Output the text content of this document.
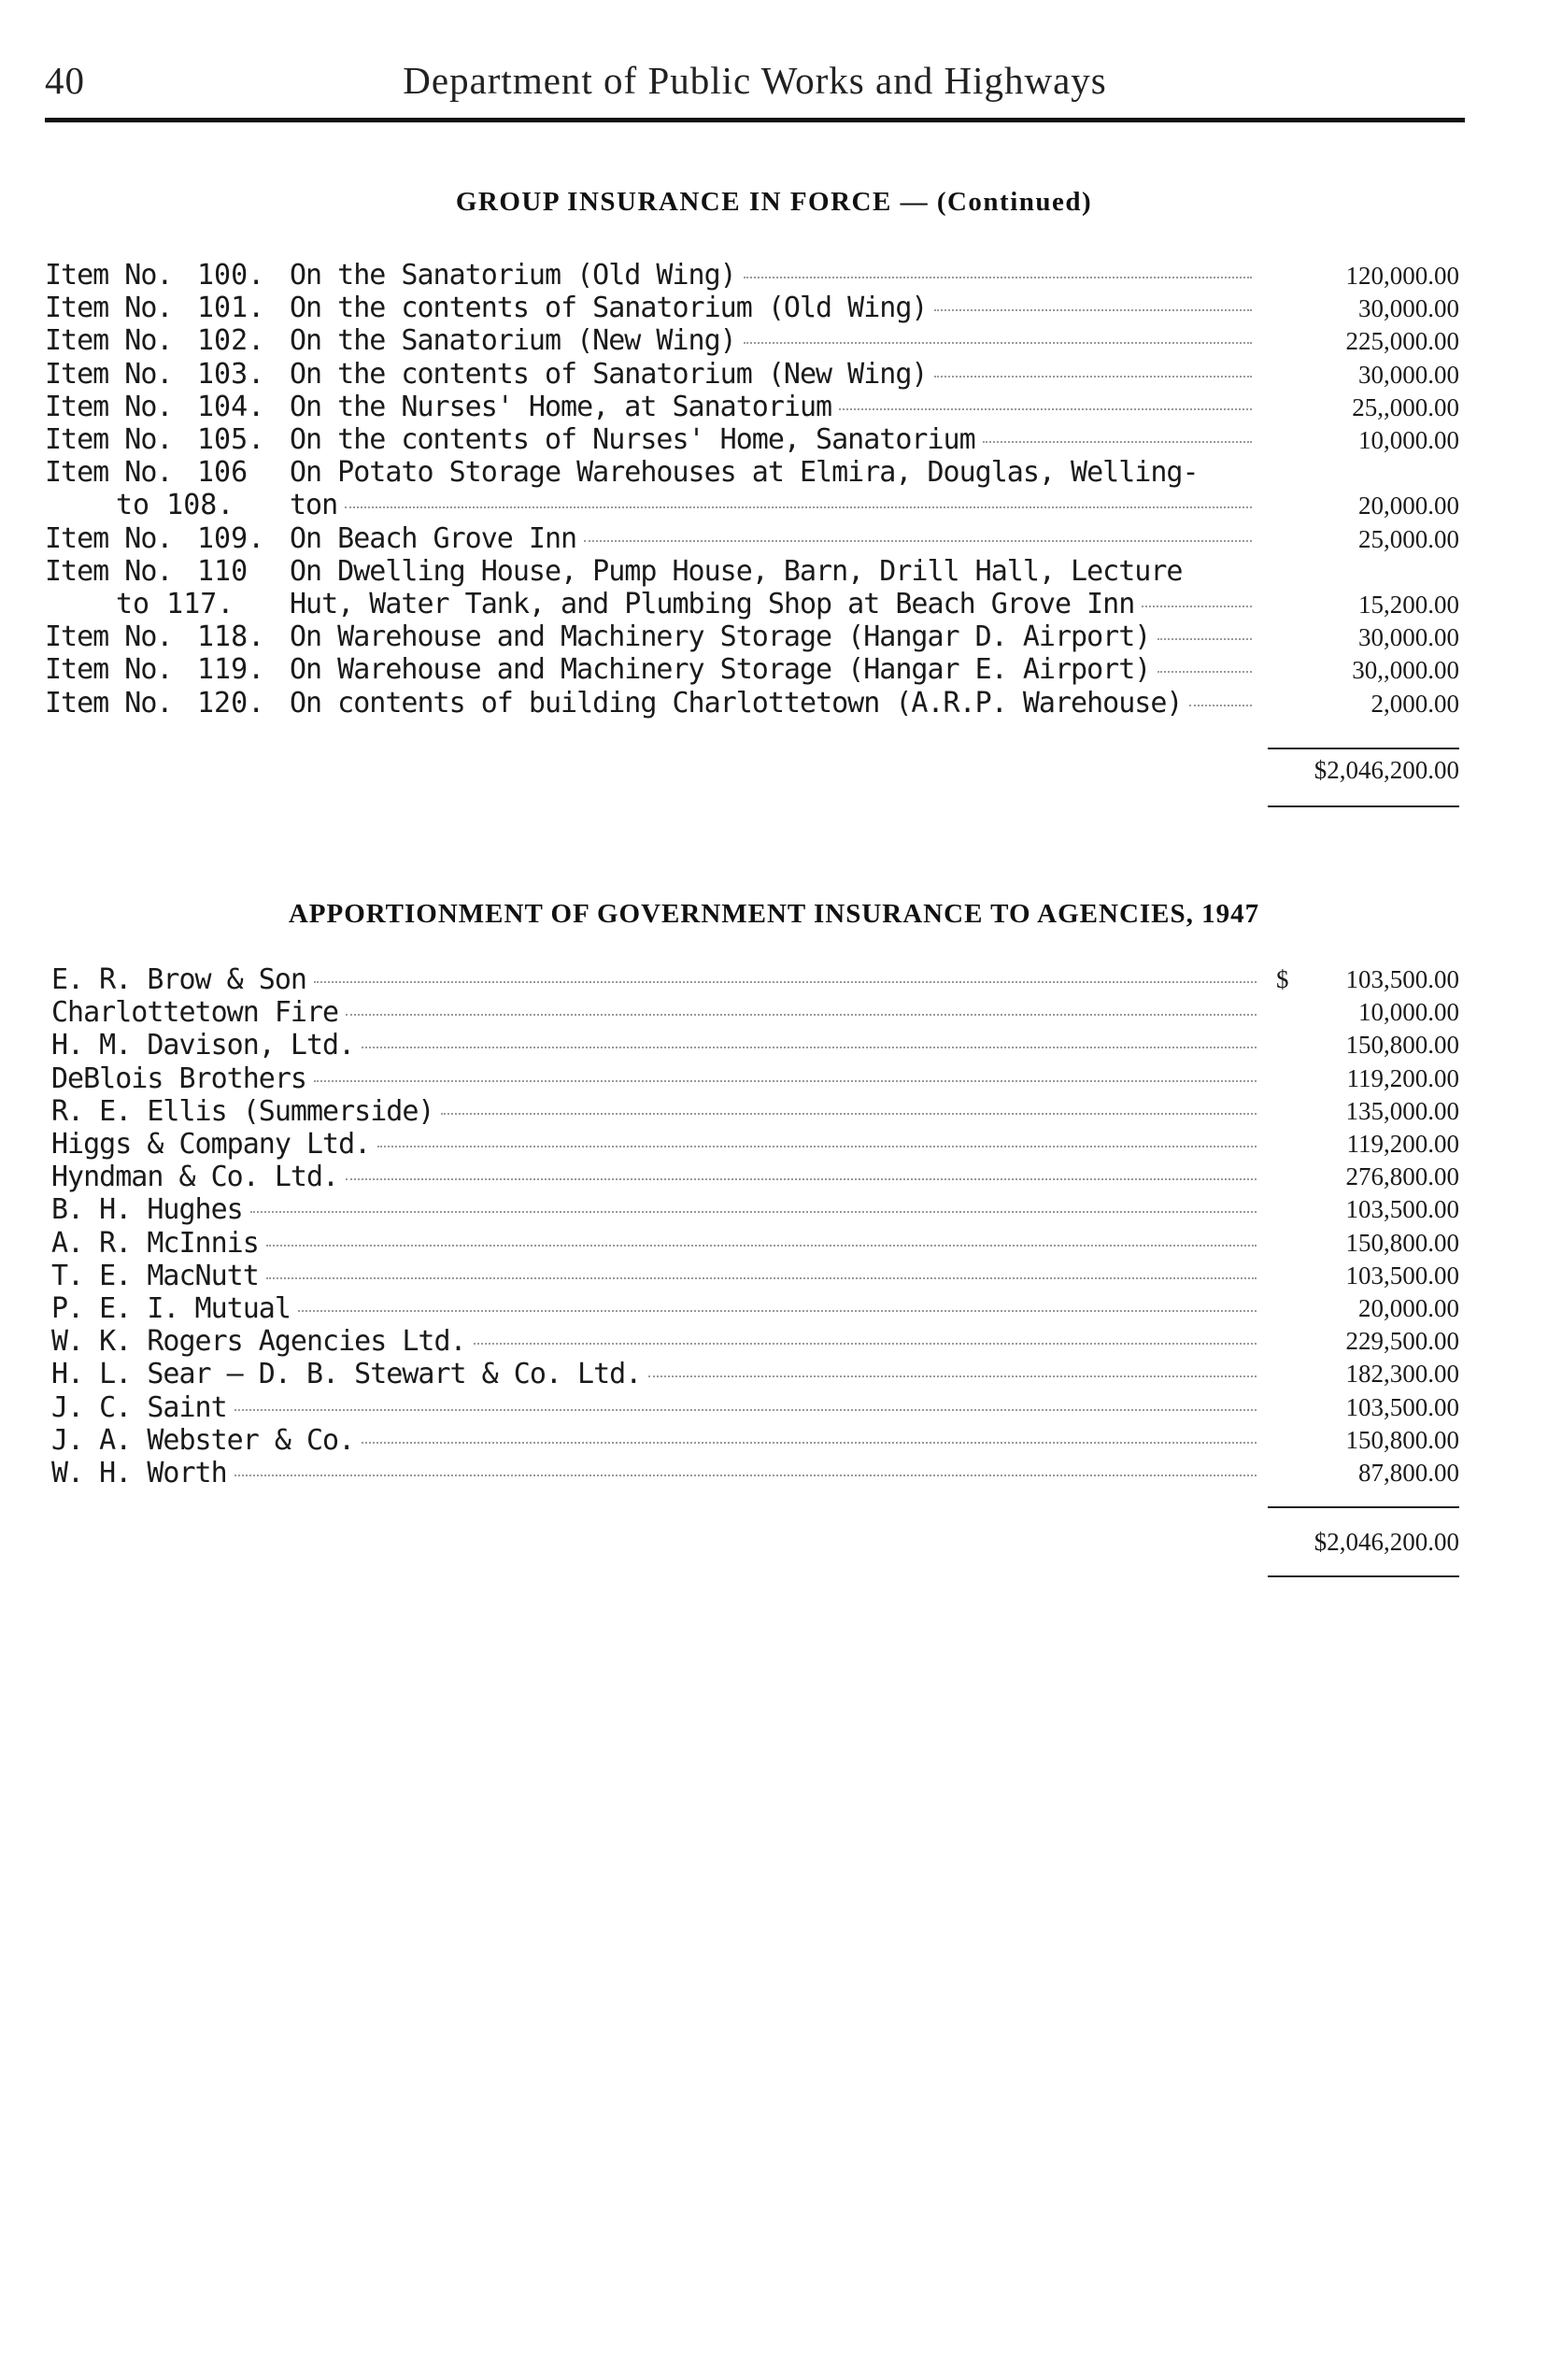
40	Department of Public Works and Highways
GROUP INSURANCE IN FORCE — (Continued)
Item No. 100. On the Sanatorium (Old Wing)	120,000.00
Item No. 101. On the contents of Sanatorium (Old Wing)	30,000.00
Item No. 102. On the Sanatorium (New Wing)	225,000.00
Item No. 103. On the contents of Sanatorium (New Wing)	30,000.00
Item No. 104. On the Nurses' Home, at Sanatorium	25,,000.00
Item No. 105. On the contents of Nurses' Home, Sanatorium	10,000.00
Item No. 106 On Potato Storage Warehouses at Elmira, Douglas, Welling-
to 108. ton	20,000.00
Item No. 109. On Beach Grove Inn	25,000.00
Item No. 110 On Dwelling House, Pump House, Barn, Drill Hall, Lecture
to 117. Hut, Water Tank, and Plumbing Shop at Beach Grove Inn	15,200.00
Item No. 118. On Warehouse and Machinery Storage (Hangar D. Airport)	30,000.00
Item No. 119. On Warehouse and Machinery Storage (Hangar E. Airport)	30,,000.00
Item No. 120. On contents of building Charlottetown (A.R.P. Warehouse)	2,000.00
$2,046,200.00
APPORTIONMENT OF GOVERNMENT INSURANCE TO AGENCIES, 1947
E. R. Brow & Son	$	103,500.00
Charlottetown Fire	10,000.00
H. M. Davison, Ltd.	150,800.00
DeBlois Brothers	119,200.00
R. E. Ellis (Summerside)	135,000.00
Higgs & Company Ltd.	119,200.00
Hyndman & Co. Ltd.	276,800.00
B. H. Hughes	103,500.00
A. R. McInnis	150,800.00
T. E. MacNutt	103,500.00
P. E. I. Mutual	20,000.00
W. K. Rogers Agencies Ltd.	229,500.00
H. L. Sear — D. B. Stewart & Co. Ltd.	182,300.00
J. C. Saint	103,500.00
J. A. Webster & Co.	150,800.00
W. H. Worth	87,800.00
$2,046,200.00
